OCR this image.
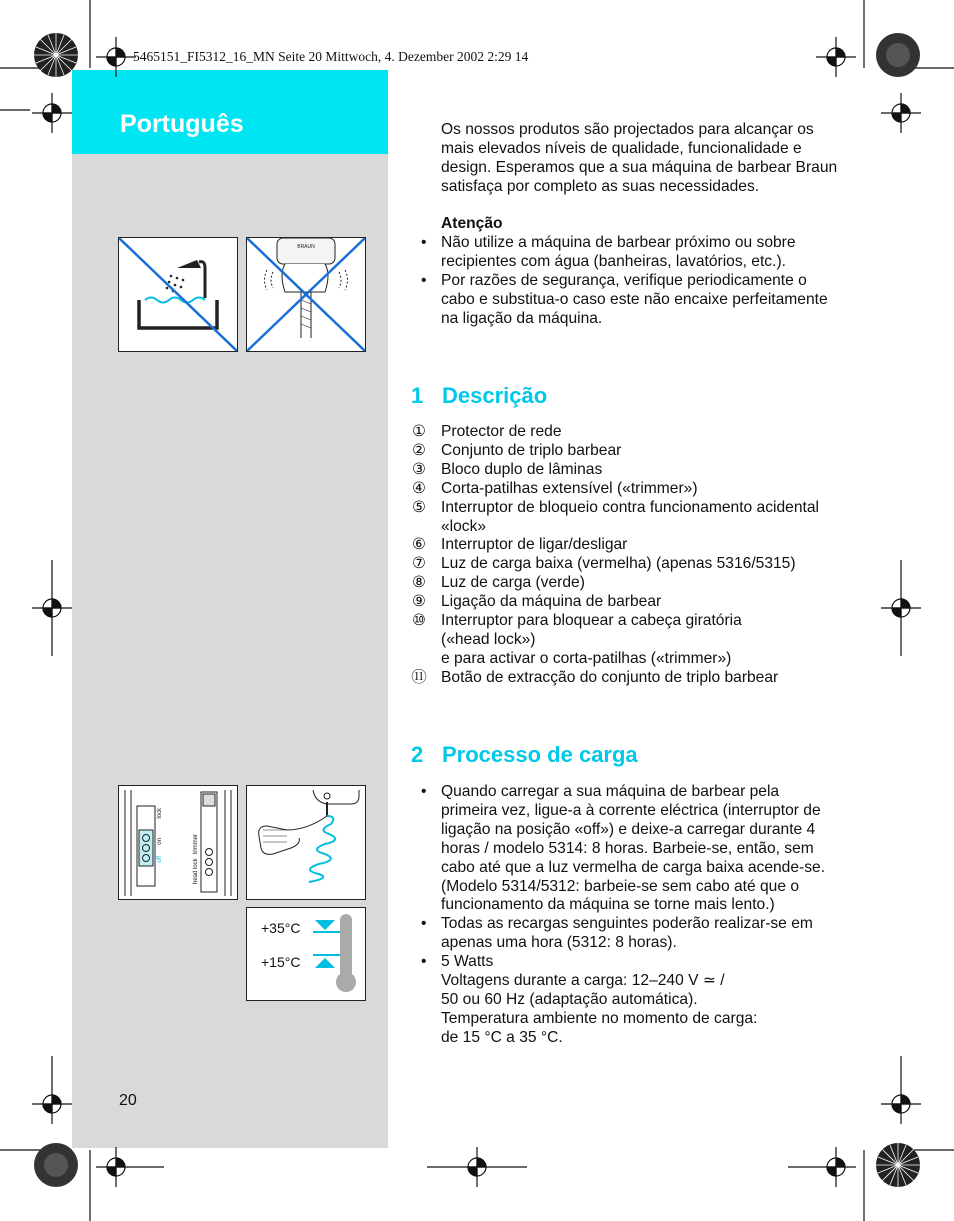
Português
5465151_FI5312_16_MN Seite 20 Mittwoch, 4. Dezember 2002 2:29 14
Os nossos produtos são projectados para alcançar os mais elevados níveis de qualidade, funcionalidade e design. Esperamos que a sua máquina de barbear Braun satisfaça por completo as suas necessidades.
Atenção
• Não utilize a máquina de barbear próximo ou sobre recipientes com água (banheiras, lavatórios, etc.).
• Por razões de segurança, verifique periodicamente o cabo e substitua-o caso este não encaixe perfeitamente na ligação da máquina.
BRAUN
1 Descrição
① Protector de rede
② Conjunto de triplo barbear
③ Bloco duplo de lâminas
④ Corta-patilhas extensível («trimmer»)
⑤ Interruptor de bloqueio contra funcionamento acidental «lock»
⑥ Interruptor de ligar/desligar
⑦ Luz de carga baixa (vermelha) (apenas 5316/5315)
⑧ Luz de carga (verde)
⑨ Ligação da máquina de barbear
⑩ Interruptor para bloquear a cabeça giratória («head lock»)
e para activar o corta-patilhas («trimmer»)
⑪ Botão de extracção do conjunto de triplo barbear
2 Processo de carga
• Quando carregar a sua máquina de barbear pela primeira vez, ligue-a à corrente eléctrica (interruptor de ligação na posição «off») e deixe-a carregar durante 4 horas / modelo 5314: 8 horas. Barbeie-se, então, sem cabo até que a luz vermelha de carga baixa acende-se.
(Modelo 5314/5312: barbeie-se sem cabo até que o funcionamento da máquina se torne mais lento.)
• Todas as recargas senguintes poderão realizar-se em apenas uma hora (5312: 8 horas).
• 5 Watts
Voltagens durante a carga: 12–240 V ≃ /
50 ou 60 Hz (adaptação automática).
Temperatura ambiente no momento de carga:
de 15 °C a 35 °C.
lock
on
off
trimmer
head lock
+35°C
+15°C
20
